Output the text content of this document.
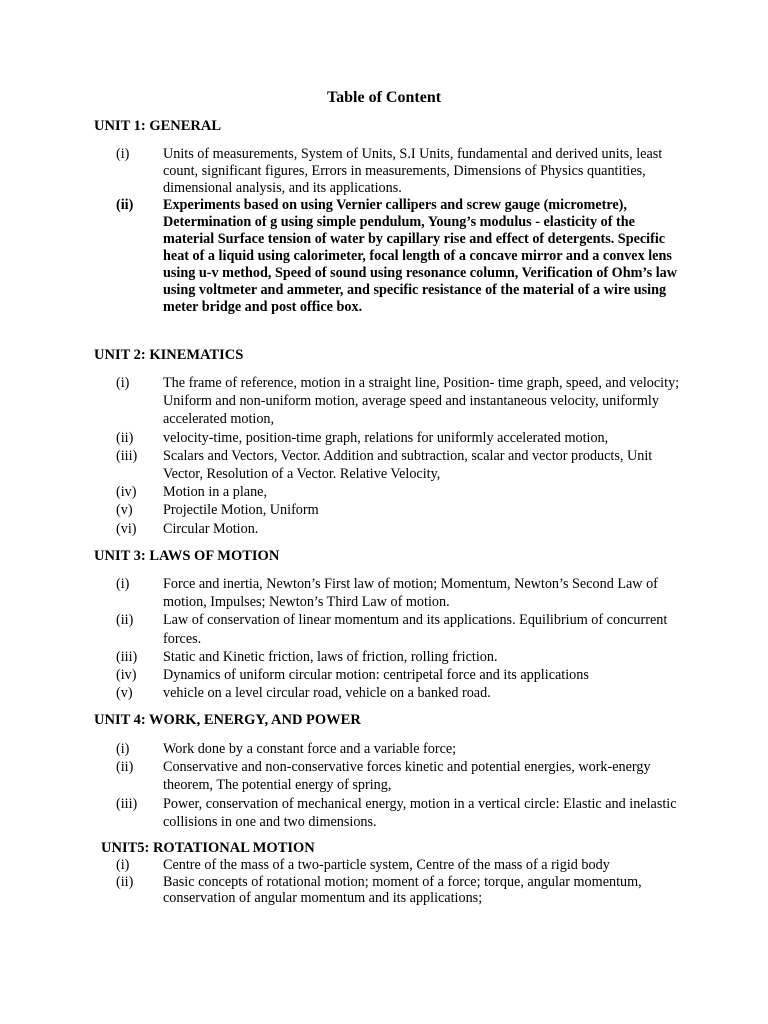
Table of Content
UNIT 1: GENERAL
(i) Units of measurements, System of Units, S.I Units, fundamental and derived units, least count, significant figures, Errors in measurements, Dimensions of Physics quantities, dimensional analysis, and its applications.
(ii) Experiments based on using Vernier callipers and screw gauge (micrometre), Determination of g using simple pendulum, Young’s modulus - elasticity of the material Surface tension of water by capillary rise and effect of detergents. Specific heat of a liquid using calorimeter, focal length of a concave mirror and a convex lens using u-v method, Speed of sound using resonance column, Verification of Ohm’s law using voltmeter and ammeter, and specific resistance of the material of a wire using meter bridge and post office box.
UNIT 2: KINEMATICS
(i) The frame of reference, motion in a straight line, Position- time graph, speed, and velocity; Uniform and non-uniform motion, average speed and instantaneous velocity, uniformly accelerated motion,
(ii) velocity-time, position-time graph, relations for uniformly accelerated motion,
(iii) Scalars and Vectors, Vector. Addition and subtraction, scalar and vector products, Unit Vector, Resolution of a Vector. Relative Velocity,
(iv) Motion in a plane,
(v) Projectile Motion, Uniform
(vi) Circular Motion.
UNIT 3: LAWS OF MOTION
(i) Force and inertia, Newton’s First law of motion; Momentum, Newton’s Second Law of motion, Impulses; Newton’s Third Law of motion.
(ii) Law of conservation of linear momentum and its applications. Equilibrium of concurrent forces.
(iii) Static and Kinetic friction, laws of friction, rolling friction.
(iv) Dynamics of uniform circular motion: centripetal force and its applications
(v) vehicle on a level circular road, vehicle on a banked road.
UNIT 4: WORK, ENERGY, AND POWER
(i) Work done by a constant force and a variable force;
(ii) Conservative and non-conservative forces kinetic and potential energies, work-energy theorem, The potential energy of spring,
(iii) Power, conservation of mechanical energy, motion in a vertical circle: Elastic and inelastic collisions in one and two dimensions.
UNIT5: ROTATIONAL MOTION
(i) Centre of the mass of a two-particle system, Centre of the mass of a rigid body
(ii) Basic concepts of rotational motion; moment of a force; torque, angular momentum, conservation of angular momentum and its applications;
